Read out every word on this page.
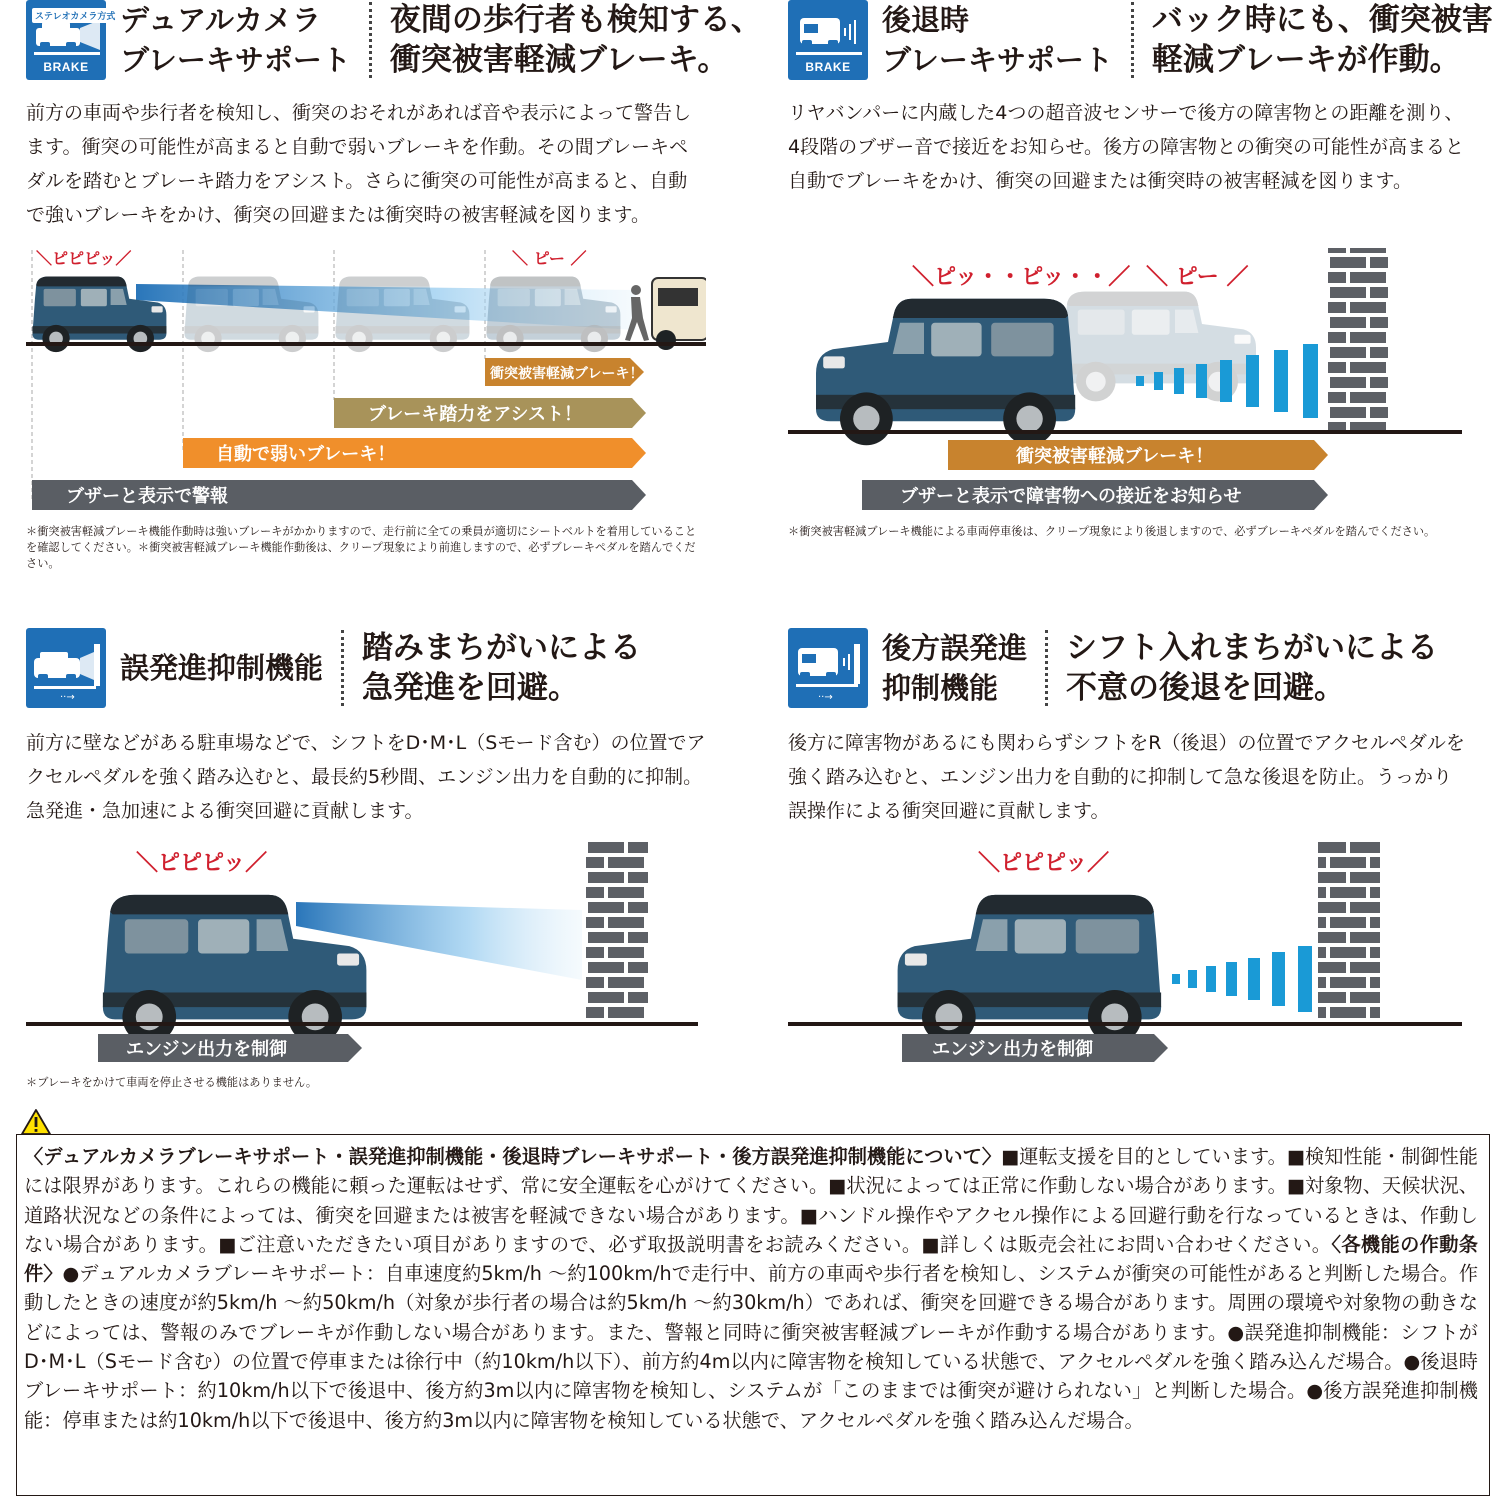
ステレオカメラ方式
BRAKE
デュアルカメラ
ブレーキサポート
夜間の歩行者も検知する、
衝突被害軽減ブレーキ。
前方の車両や歩行者を検知し、衝突のおそれがあれば音や表示によって警告します。衝突の可能性が高まると自動で弱いブレーキを作動。その間ブレーキペダルを踏むとブレーキ踏力をアシスト。さらに衝突の可能性が高まると、自動で強いブレーキをかけ、衝突の回避または衝突時の被害軽減を図ります。
＼ピピピッ／	＼ ピー ／
衝突被害軽減ブレーキ！
ブレーキ踏力をアシスト！
自動で弱いブレーキ！
ブザーと表示で警報
＊衝突被害軽減ブレーキ機能作動時は強いブレーキがかかりますので、走行前に全ての乗員が適切にシートベルトを着用していることを確認してください。＊衝突被害軽減ブレーキ機能作動後は、クリープ現象により前進しますので、必ずブレーキペダルを踏んでください。
BRAKE
後退時
ブレーキサポート
バック時にも、衝突被害
軽減ブレーキが作動。
リヤバンパーに内蔵した4つの超音波センサーで後方の障害物との距離を測り、4段階のブザー音で接近をお知らせ。後方の障害物との衝突の可能性が高まると自動でブレーキをかけ、衝突の回避または衝突時の被害軽減を図ります。
＼ピッ・・ピッ・・／ ＼ ピー ／
衝突被害軽減ブレーキ！
ブザーと表示で障害物への接近をお知らせ
＊衝突被害軽減ブレーキ機能による車両停車後は、クリープ現象により後退しますので、必ずブレーキペダルを踏んでください。
··→
誤発進抑制機能
踏みまちがいによる
急発進を回避。
前方に壁などがある駐車場などで、シフトをD･M･L（Sモード含む）の位置でアクセルペダルを強く踏み込むと、最長約5秒間、エンジン出力を自動的に抑制。急発進・急加速による衝突回避に貢献します。
＼ピピピッ／
エンジン出力を制御
＊ブレーキをかけて車両を停止させる機能はありません。
··→
後方誤発進
抑制機能
シフト入れまちがいによる
不意の後退を回避。
後方に障害物があるにも関わらずシフトをR（後退）の位置でアクセルペダルを強く踏み込むと、エンジン出力を自動的に抑制して急な後退を防止。うっかり誤操作による衝突回避に貢献します。
＼ピピピッ／
エンジン出力を制御
〈デュアルカメラブレーキサポート・誤発進抑制機能・後退時ブレーキサポート・後方誤発進抑制機能について〉■運転支援を目的としています。■検知性能・制御性能には限界があります。これらの機能に頼った運転はせず、常に安全運転を心がけてください。■状況によっては正常に作動しない場合があります。■対象物、天候状況、道路状況などの条件によっては、衝突を回避または被害を軽減できない場合があります。■ハンドル操作やアクセル操作による回避行動を行なっているときは、作動しない場合があります。■ご注意いただきたい項目がありますので、必ず取扱説明書をお読みください。■詳しくは販売会社にお問い合わせください。〈各機能の作動条件〉●デュアルカメラブレーキサポート：自車速度約5km/h ～約100km/hで走行中、前方の車両や歩行者を検知し、システムが衝突の可能性があると判断した場合。作動したときの速度が約5km/h ～約50km/h（対象が歩行者の場合は約5km/h ～約30km/h）であれば、衝突を回避できる場合があります。周囲の環境や対象物の動きなどによっては、警報のみでブレーキが作動しない場合があります。また、警報と同時に衝突被害軽減ブレーキが作動する場合があります。●誤発進抑制機能：シフトがD･M･L（Sモード含む）の位置で停車または徐行中（約10km/h以下）、前方約4m以内に障害物を検知している状態で、アクセルペダルを強く踏み込んだ場合。●後退時ブレーキサポート：約10km/h以下で後退中、後方約3m以内に障害物を検知し、システムが「このままでは衝突が避けられない」と判断した場合。●後方誤発進抑制機能：停車または約10km/h以下で後退中、後方約3m以内に障害物を検知している状態で、アクセルペダルを強く踏み込んだ場合。
